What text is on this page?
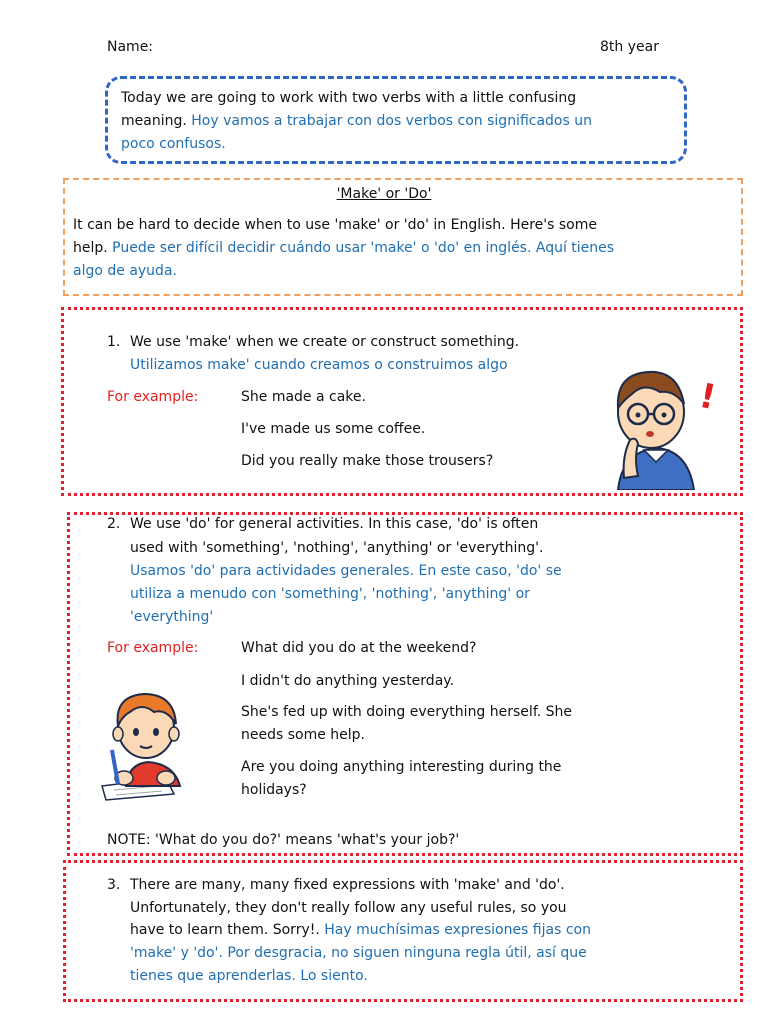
Name:	8th year
Today we are going to work with two verbs with a little confusing
meaning. Hoy vamos a trabajar con dos verbos con significados un
poco confusos.
'Make' or 'Do'
It can be hard to decide when to use 'make' or 'do' in English. Here's some
help. Puede ser difícil decidir cuándo usar 'make' o 'do' en inglés. Aquí tienes
algo de ayuda.
1. We use 'make' when we create or construct something.
Utilizamos make' cuando creamos o construimos algo
For example:	She made a cake.
I've made us some coffee.
Did you really make those trousers?
!
2. We use 'do' for general activities. In this case, 'do' is often
used with 'something', 'nothing', 'anything' or 'everything'.
Usamos 'do' para actividades generales. En este caso, 'do' se
utiliza a menudo con 'something', 'nothing', 'anything' or
'everything'
For example:	What did you do at the weekend?
I didn't do anything yesterday.
She's fed up with doing everything herself. She
needs some help.
Are you doing anything interesting during the
holidays?
NOTE: 'What do you do?' means 'what's your job?'
3. There are many, many fixed expressions with 'make' and 'do'.
Unfortunately, they don't really follow any useful rules, so you
have to learn them. Sorry!. Hay muchísimas expresiones fijas con
'make' y 'do'. Por desgracia, no siguen ninguna regla útil, así que
tienes que aprenderlas. Lo siento.
